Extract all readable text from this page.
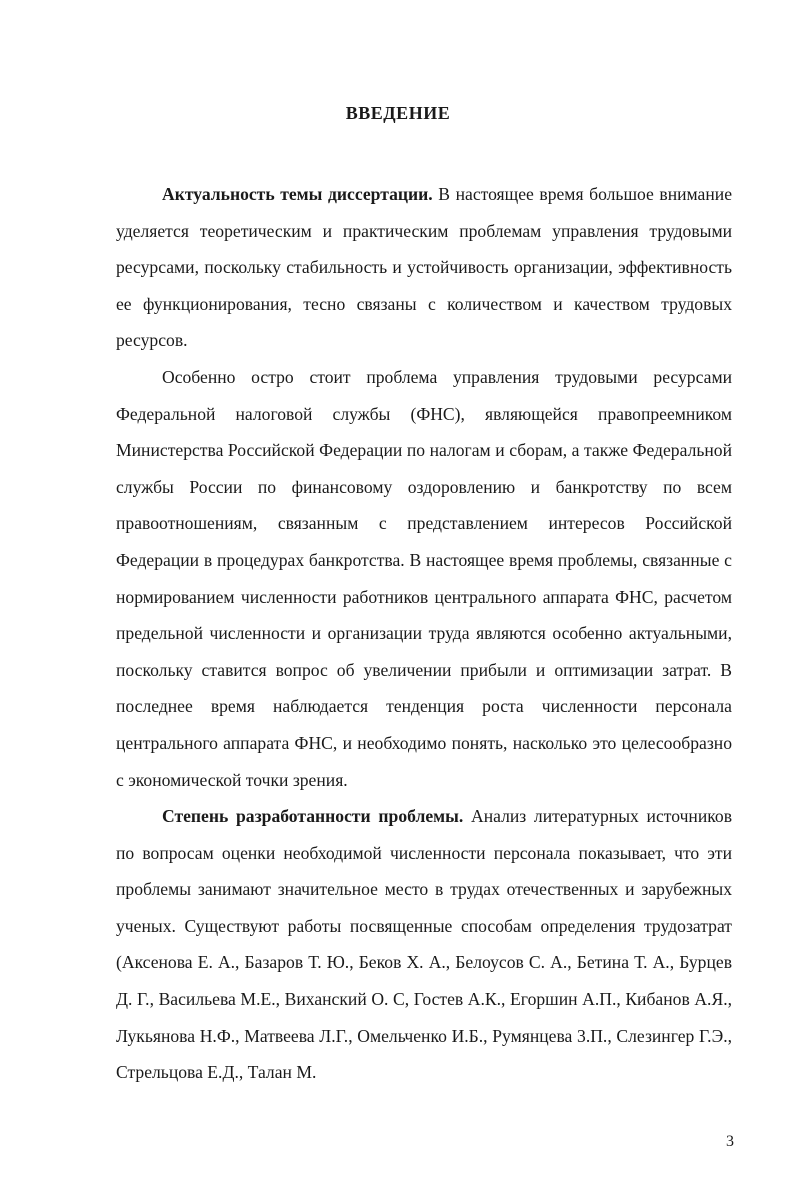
ВВЕДЕНИЕ

Актуальность темы диссертации. В настоящее время большое внимание уделяется теоретическим и практическим проблемам управления трудовыми ресурсами, поскольку стабильность и устойчивость организации, эффективность ее функционирования, тесно связаны с количеством и качеством трудовых ресурсов.

Особенно остро стоит проблема управления трудовыми ресурсами Федеральной налоговой службы (ФНС), являющейся правопреемником Министерства Российской Федерации по налогам и сборам, а также Федеральной службы России по финансовому оздоровлению и банкротству по всем правоотношениям, связанным с представлением интересов Российской Федерации в процедурах банкротства. В настоящее время проблемы, связанные с нормированием численности работников центрального аппарата ФНС, расчетом предельной численности и организации труда являются особенно актуальными, поскольку ставится вопрос об увеличении прибыли и оптимизации затрат. В последнее время наблюдается тенденция роста численности персонала центрального аппарата ФНС, и необходимо понять, насколько это целесообразно с экономической точки зрения.

Степень разработанности проблемы. Анализ литературных источников по вопросам оценки необходимой численности персонала показывает, что эти проблемы занимают значительное место в трудах отечественных и зарубежных ученых. Существуют работы посвященные способам определения трудозатрат (Аксенова Е. А., Базаров Т. Ю., Беков Х. А., Белоусов С. А., Бетина Т. А., Бурцев Д. Г., Васильева М.Е., Виханский О. С, Гостев А.К., Егоршин А.П., Кибанов А.Я., Лукьянова Н.Ф., Матвеева Л.Г., Омельченко И.Б., Румянцева 3.П., Слезингер Г.Э., Стрельцова Е.Д., Талан М.

3
